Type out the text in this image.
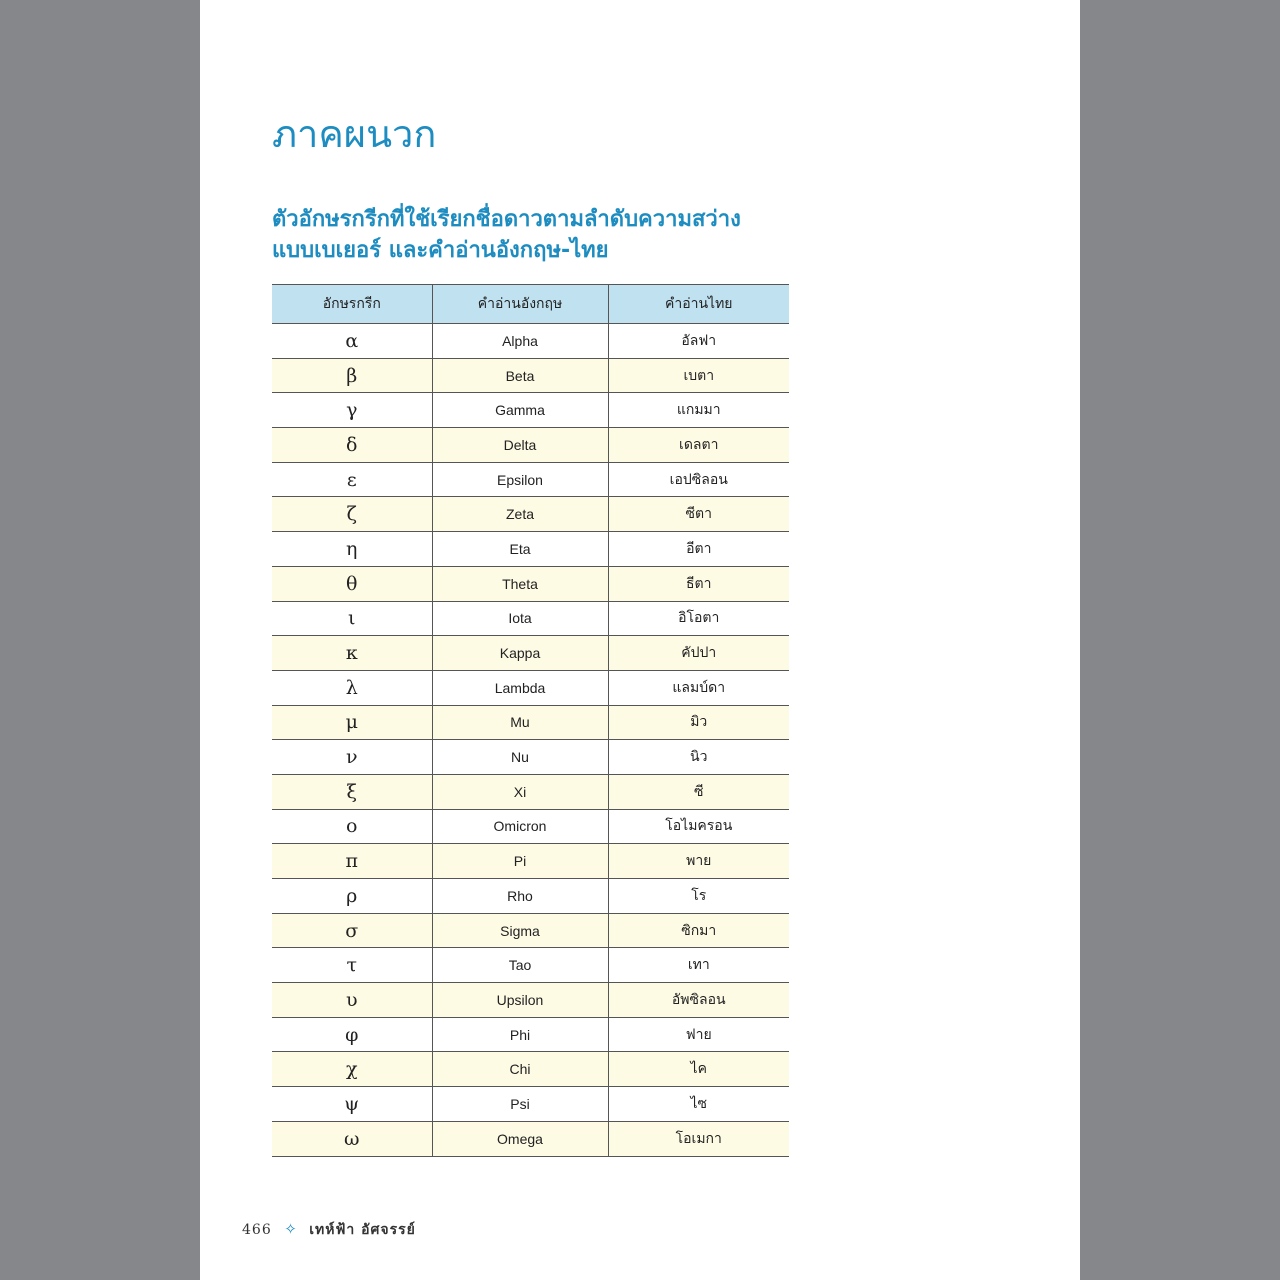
ภาคผนวก
ตัวอักษรกรีกที่ใช้เรียกชื่อดาวตามลำดับความสว่าง
แบบเบเยอร์ และคำอ่านอังกฤษ-ไทย
อักษรกรีก	คำอ่านอังกฤษ	คำอ่านไทย
α	Alpha	อัลฟา
β	Beta	เบตา
γ	Gamma	แกมมา
δ	Delta	เดลตา
ε	Epsilon	เอปซิลอน
ζ	Zeta	ซีตา
η	Eta	อีตา
θ	Theta	ธีตา
ι	Iota	อิโอตา
κ	Kappa	คัปปา
λ	Lambda	แลมบ์ดา
μ	Mu	มิว
ν	Nu	นิว
ξ	Xi	ซี
ο	Omicron	โอไมครอน
π	Pi	พาย
ρ	Rho	โร
σ	Sigma	ซิกมา
τ	Tao	เทา
υ	Upsilon	อัพซิลอน
φ	Phi	ฟาย
χ	Chi	ไค
ψ	Psi	ไซ
ω	Omega	โอเมกา
466 ✧ เทห์ฟ้า อัศจรรย์
